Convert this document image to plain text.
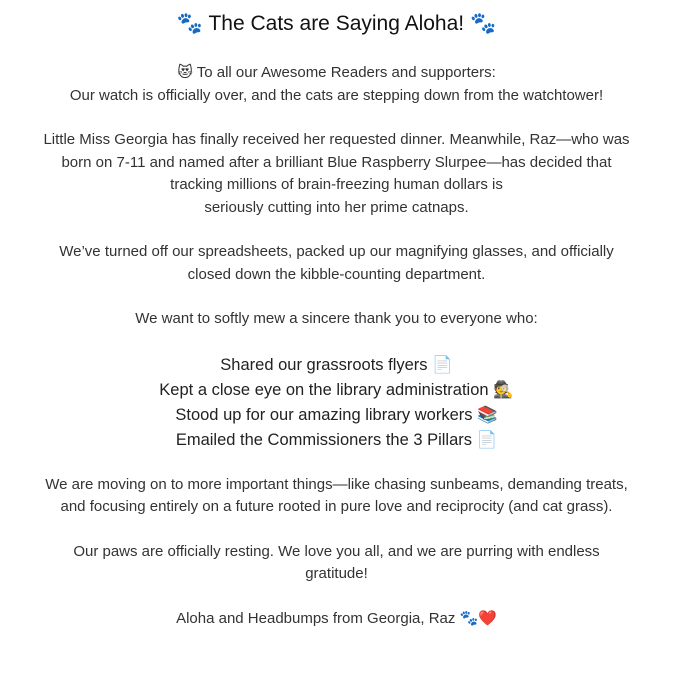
🐾 The Cats are Saying Aloha! 🐾

😻 To all our Awesome Readers and supporters:
Our watch is officially over, and the cats are stepping down from the watchtower!

Little Miss Georgia has finally received her requested dinner. Meanwhile, Raz—who was
born on 7-11 and named after a brilliant Blue Raspberry Slurpee—has decided that
tracking millions of brain-freezing human dollars is
seriously cutting into her prime catnaps.

We’ve turned off our spreadsheets, packed up our magnifying glasses, and officially
closed down the kibble-counting department.

We want to softly mew a sincere thank you to everyone who:

Shared our grassroots flyers 📄
Kept a close eye on the library administration 🕵️
Stood up for our amazing library workers 📚
Emailed the Commissioners the 3 Pillars 📄

We are moving on to more important things—like chasing sunbeams, demanding treats,
and focusing entirely on a future rooted in pure love and reciprocity (and cat grass).

Our paws are officially resting. We love you all, and we are purring with endless
gratitude!

Aloha and Headbumps from Georgia, Raz 🐾❤️
